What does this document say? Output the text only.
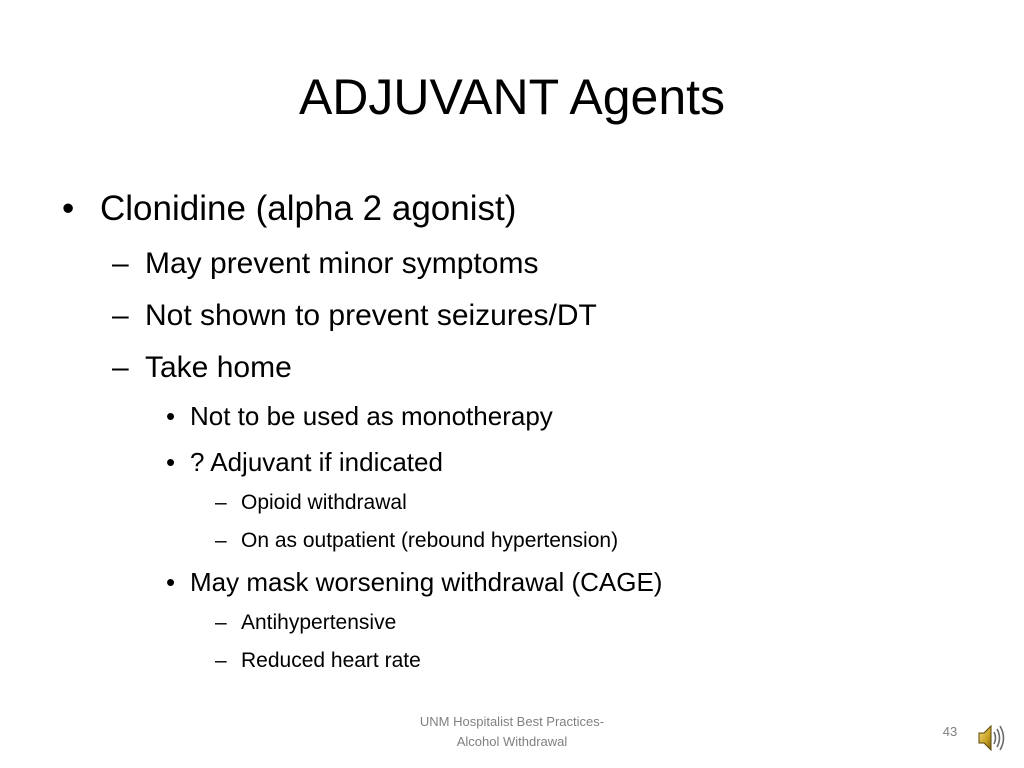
ADJUVANT Agents
• Clonidine (alpha 2 agonist)
– May prevent minor symptoms
– Not shown to prevent seizures/DT
– Take home
• Not to be used as monotherapy
• ? Adjuvant if indicated
– Opioid withdrawal
– On as outpatient (rebound hypertension)
• May mask worsening withdrawal (CAGE)
– Antihypertensive
– Reduced heart rate
UNM Hospitalist Best Practices-
Alcohol Withdrawal
43
